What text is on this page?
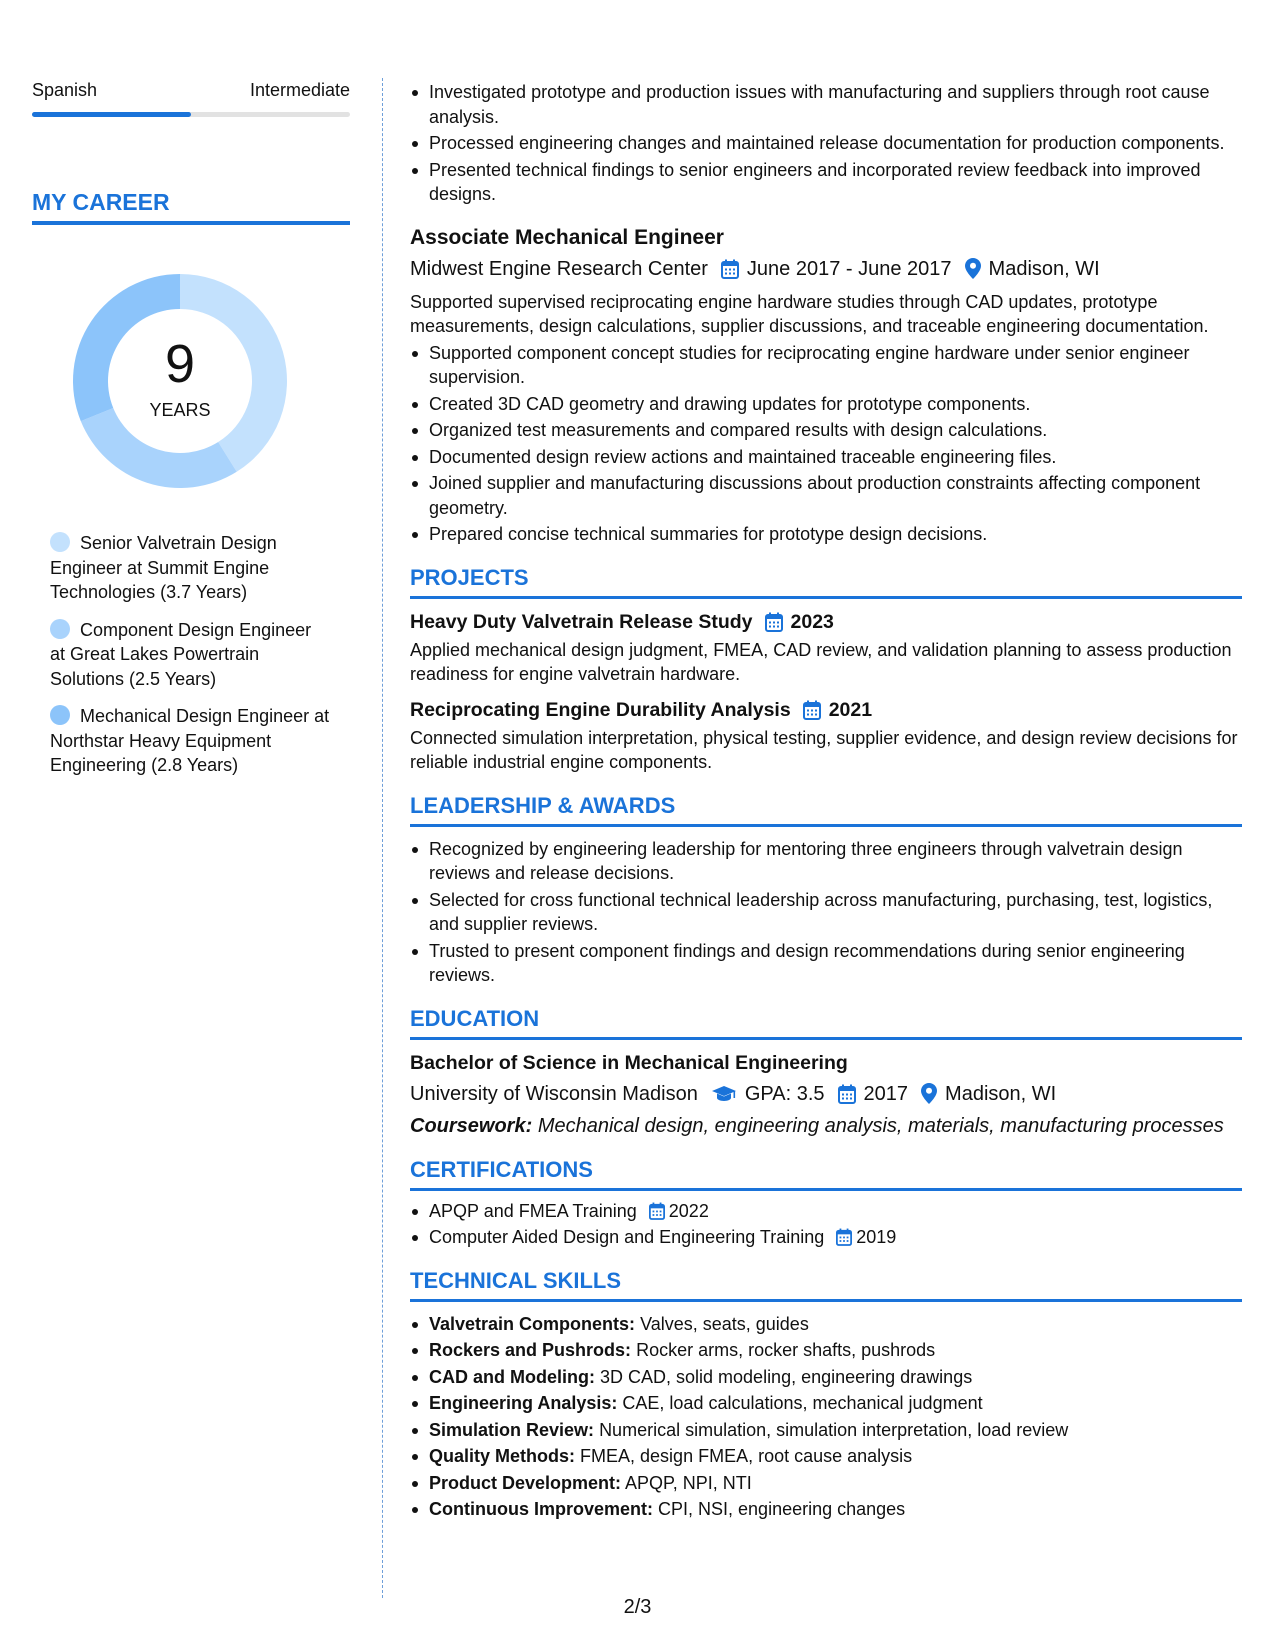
Spanish	Intermediate
MY CAREER
9
YEARS
Senior Valvetrain Design Engineer at Summit Engine Technologies (3.7 Years)
Component Design Engineer at Great Lakes Powertrain Solutions (2.5 Years)
Mechanical Design Engineer at Northstar Heavy Equipment Engineering (2.8 Years)
Investigated prototype and production issues with manufacturing and suppliers through root cause analysis.
Processed engineering changes and maintained release documentation for production components.
Presented technical findings to senior engineers and incorporated review feedback into improved designs.
Associate Mechanical Engineer
Midwest Engine Research Center June 2017 - June 2017 Madison, WI
Supported supervised reciprocating engine hardware studies through CAD updates, prototype measurements, design calculations, supplier discussions, and traceable engineering documentation.
Supported component concept studies for reciprocating engine hardware under senior engineer supervision.
Created 3D CAD geometry and drawing updates for prototype components.
Organized test measurements and compared results with design calculations.
Documented design review actions and maintained traceable engineering files.
Joined supplier and manufacturing discussions about production constraints affecting component geometry.
Prepared concise technical summaries for prototype design decisions.
PROJECTS
Heavy Duty Valvetrain Release Study 2023
Applied mechanical design judgment, FMEA, CAD review, and validation planning to assess production readiness for engine valvetrain hardware.
Reciprocating Engine Durability Analysis 2021
Connected simulation interpretation, physical testing, supplier evidence, and design review decisions for reliable industrial engine components.
LEADERSHIP & AWARDS
Recognized by engineering leadership for mentoring three engineers through valvetrain design reviews and release decisions.
Selected for cross functional technical leadership across manufacturing, purchasing, test, logistics, and supplier reviews.
Trusted to present component findings and design recommendations during senior engineering reviews.
EDUCATION
Bachelor of Science in Mechanical Engineering
University of Wisconsin Madison GPA: 3.5 2017 Madison, WI
Coursework: Mechanical design, engineering analysis, materials, manufacturing processes
CERTIFICATIONS
APQP and FMEA Training 2022
Computer Aided Design and Engineering Training 2019
TECHNICAL SKILLS
Valvetrain Components: Valves, seats, guides
Rockers and Pushrods: Rocker arms, rocker shafts, pushrods
CAD and Modeling: 3D CAD, solid modeling, engineering drawings
Engineering Analysis: CAE, load calculations, mechanical judgment
Simulation Review: Numerical simulation, simulation interpretation, load review
Quality Methods: FMEA, design FMEA, root cause analysis
Product Development: APQP, NPI, NTI
Continuous Improvement: CPI, NSI, engineering changes
2/3
